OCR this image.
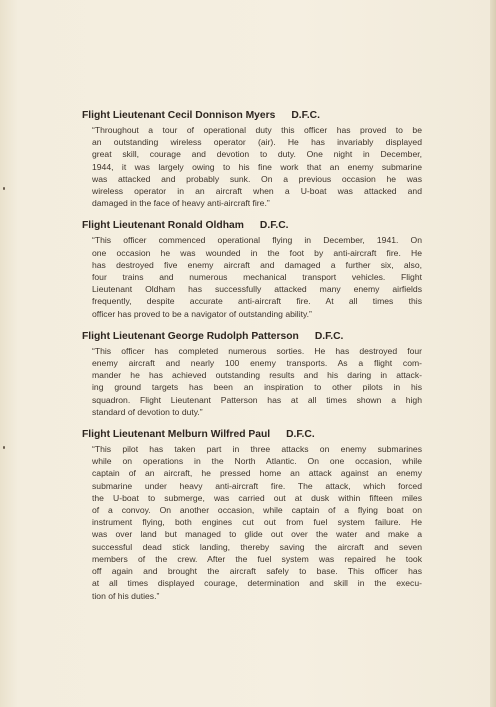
Flight Lieutenant Cecil Donnison Myers D.F.C.
“Throughout a tour of operational duty this officer has proved to be
an outstanding wireless operator (air). He has invariably displayed
great skill, courage and devotion to duty. One night in December,
1944, it was largely owing to his fine work that an enemy submarine
was attacked and probably sunk. On a previous occasion he was
wireless operator in an aircraft when a U-boat was attacked and
damaged in the face of heavy anti-aircraft fire.”
Flight Lieutenant Ronald Oldham D.F.C.
“This officer commenced operational flying in December, 1941. On
one occasion he was wounded in the foot by anti-aircraft fire. He
has destroyed five enemy aircraft and damaged a further six, also,
four trains and numerous mechanical transport vehicles. Flight
Lieutenant Oldham has successfully attacked many enemy airfields
frequently, despite accurate anti-aircraft fire. At all times this
officer has proved to be a navigator of outstanding ability.”
Flight Lieutenant George Rudolph Patterson D.F.C.
“This officer has completed numerous sorties. He has destroyed four
enemy aircraft and nearly 100 enemy transports. As a flight com-
mander he has achieved outstanding results and his daring in attack-
ing ground targets has been an inspiration to other pilots in his
squadron. Flight Lieutenant Patterson has at all times shown a high
standard of devotion to duty.”
Flight Lieutenant Melburn Wilfred Paul D.F.C.
“This pilot has taken part in three attacks on enemy submarines
while on operations in the North Atlantic. On one occasion, while
captain of an aircraft, he pressed home an attack against an enemy
submarine under heavy anti-aircraft fire. The attack, which forced
the U-boat to submerge, was carried out at dusk within fifteen miles
of a convoy. On another occasion, while captain of a flying boat on
instrument flying, both engines cut out from fuel system failure. He
was over land but managed to glide out over the water and make a
successful dead stick landing, thereby saving the aircraft and seven
members of the crew. After the fuel system was repaired he took
off again and brought the aircraft safely to base. This officer has
at all times displayed courage, determination and skill in the execu-
tion of his duties.”
